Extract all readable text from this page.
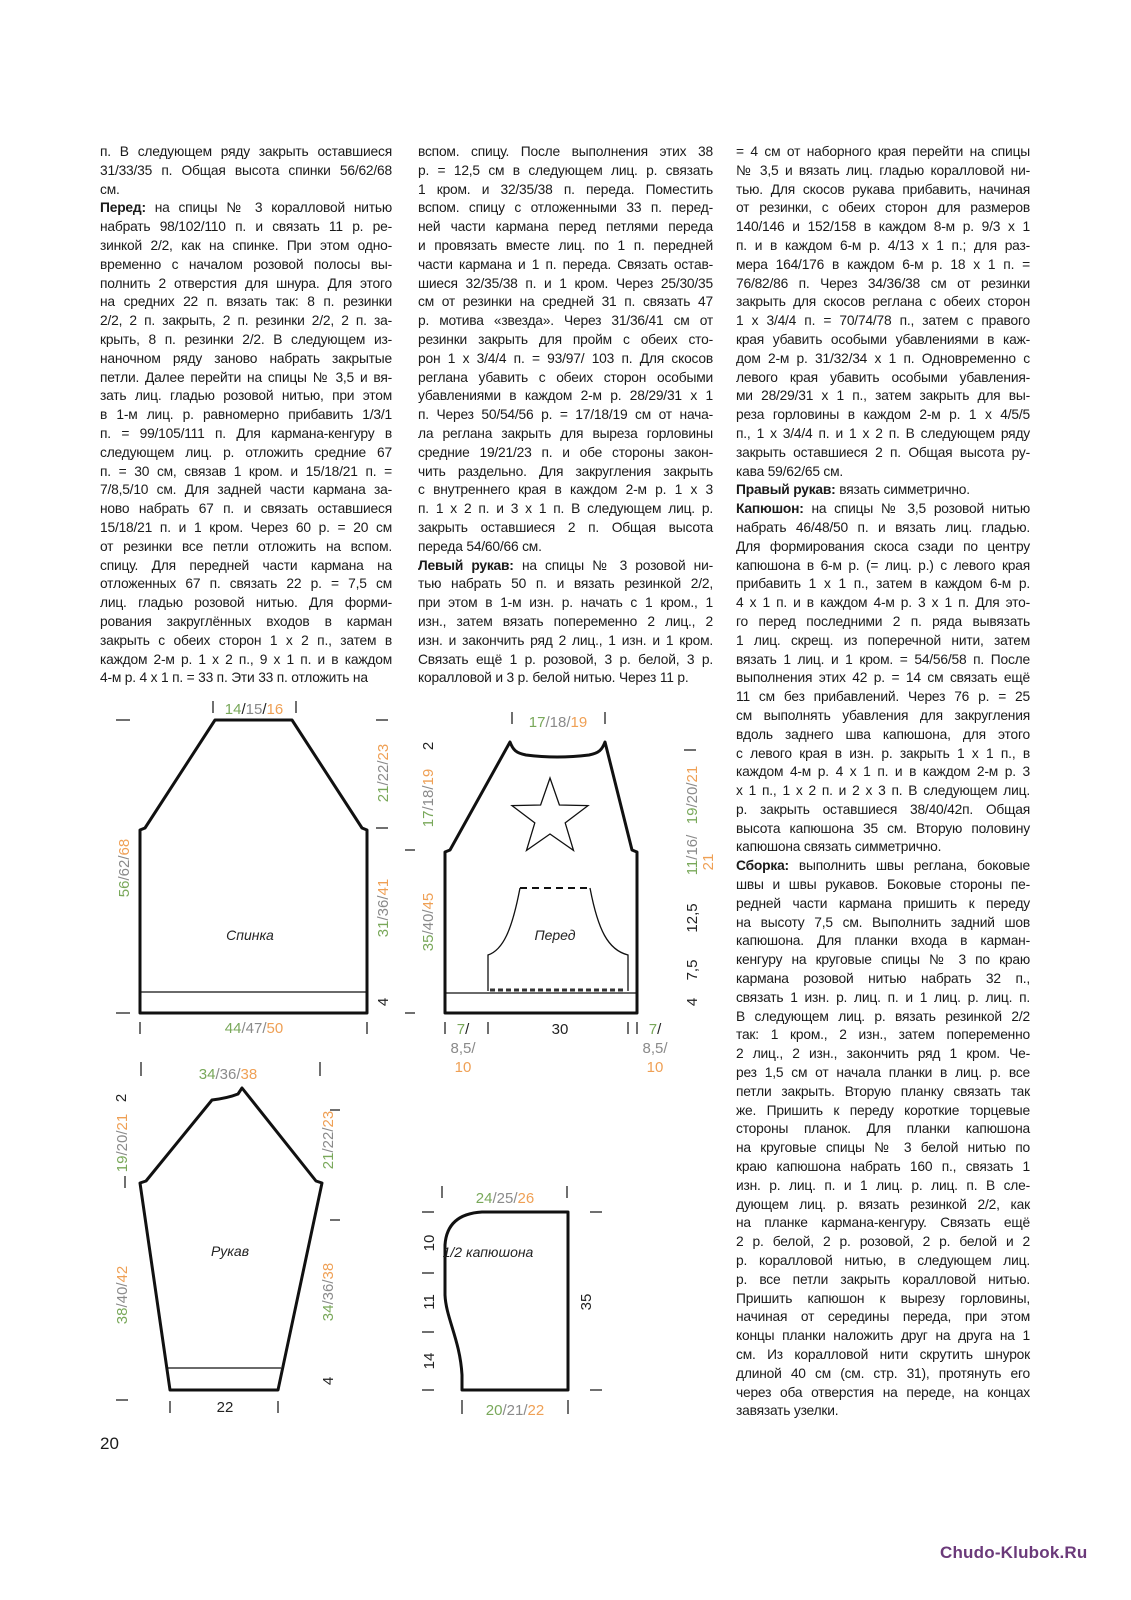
п. В следующем ряду закрыть оставшиеся
31/33/35 п. Общая высота спинки 56/62/68
см.
Перед: на спицы № 3 коралловой нитью
набрать 98/102/110 п. и связать 11 р. ре-
зинкой 2/2, как на спинке. При этом одно-
временно с началом розовой полосы вы-
полнить 2 отверстия для шнура. Для этого
на средних 22 п. вязать так: 8 п. резинки
2/2, 2 п. закрыть, 2 п. резинки 2/2, 2 п. за-
крыть, 8 п. резинки 2/2. В следующем из-
наночном ряду заново набрать закрытые
петли. Далее перейти на спицы № 3,5 и вя-
зать лиц. гладью розовой нитью, при этом
в 1-м лиц. р. равномерно прибавить 1/3/1
п. = 99/105/111 п. Для кармана-кенгуру в
следующем лиц. р. отложить средние 67
п. = 30 см, связав 1 кром. и 15/18/21 п. =
7/8,5/10 см. Для задней части кармана за-
ново набрать 67 п. и связать оставшиеся
15/18/21 п. и 1 кром. Через 60 р. = 20 см
от резинки все петли отложить на вспом.
спицу. Для передней части кармана на
отложенных 67 п. связать 22 р. = 7,5 см
лиц. гладью розовой нитью. Для форми-
рования закруглённых входов в карман
закрыть с обеих сторон 1 х 2 п., затем в
каждом 2-м р. 1 х 2 п., 9 х 1 п. и в каждом
4-м р. 4 х 1 п. = 33 п. Эти 33 п. отложить на
вспом. спицу. После выполнения этих 38
р. = 12,5 см в следующем лиц. р. связать
1 кром. и 32/35/38 п. переда. Поместить
вспом. спицу с отложенными 33 п. перед-
ней части кармана перед петлями переда
и провязать вместе лиц. по 1 п. передней
части кармана и 1 п. переда. Связать остав-
шиеся 32/35/38 п. и 1 кром. Через 25/30/35
см от резинки на средней 31 п. связать 47
р. мотива «звезда». Через 31/36/41 см от
резинки закрыть для пройм с обеих сто-
рон 1 х 3/4/4 п. = 93/97/ 103 п. Для скосов
реглана убавить с обеих сторон особыми
убавлениями в каждом 2-м р. 28/29/31 х 1
п. Через 50/54/56 р. = 17/18/19 см от нача-
ла реглана закрыть для выреза горловины
средние 19/21/23 п. и обе стороны закон-
чить раздельно. Для закругления закрыть
с внутреннего края в каждом 2-м р. 1 х 3
п. 1 х 2 п. и 3 х 1 п. В следующем лиц. р.
закрыть оставшиеся 2 п. Общая высота
переда 54/60/66 см.
Левый рукав: на спицы № 3 розовой ни-
тью набрать 50 п. и вязать резинкой 2/2,
при этом в 1-м изн. р. начать с 1 кром., 1
изн., затем вязать попеременно 2 лиц., 2
изн. и закончить ряд 2 лиц., 1 изн. и 1 кром.
Связать ещё 1 р. розовой, 3 р. белой, 3 р.
коралловой и 3 р. белой нитью. Через 11 р.
= 4 см от наборного края перейти на спицы
№ 3,5 и вязать лиц. гладью коралловой ни-
тью. Для скосов рукава прибавить, начиная
от резинки, с обеих сторон для размеров
140/146 и 152/158 в каждом 8-м р. 9/3 х 1
п. и в каждом 6-м р. 4/13 х 1 п.; для раз-
мера 164/176 в каждом 6-м р. 18 х 1 п. =
76/82/86 п. Через 34/36/38 см от резинки
закрыть для скосов реглана с обеих сторон
1 х 3/4/4 п. = 70/74/78 п., затем с правого
края убавить особыми убавлениями в каж-
дом 2-м р. 31/32/34 х 1 п. Одновременно с
левого края убавить особыми убавления-
ми 28/29/31 х 1 п., затем закрыть для вы-
реза горловины в каждом 2-м р. 1 х 4/5/5
п., 1 х 3/4/4 п. и 1 х 2 п. В следующем ряду
закрыть оставшиеся 2 п. Общая высота ру-
кава 59/62/65 см.
Правый рукав: вязать симметрично.
Капюшон: на спицы № 3,5 розовой нитью
набрать 46/48/50 п. и вязать лиц. гладью.
Для формирования скоса сзади по центру
капюшона в 6-м р. (= лиц. р.) с левого края
прибавить 1 х 1 п., затем в каждом 6-м р.
4 х 1 п. и в каждом 4-м р. 3 х 1 п. Для это-
го перед последними 2 п. ряда вывязать
1 лиц. скрещ. из поперечной нити, затем
вязать 1 лиц. и 1 кром. = 54/56/58 п. После
выполнения этих 42 р. = 14 см связать ещё
11 см без прибавлений. Через 76 р. = 25
см выполнять убавления для закругления
вдоль заднего шва капюшона, для этого
с левого края в изн. р. закрыть 1 х 1 п., в
каждом 4-м р. 4 х 1 п. и в каждом 2-м р. 3
х 1 п., 1 х 2 п. и 2 х 3 п. В следующем лиц.
р. закрыть оставшиеся 38/40/42п. Общая
высота капюшона 35 см. Вторую половину
капюшона связать симметрично.
Сборка: выполнить швы реглана, боковые
швы и швы рукавов. Боковые стороны пе-
редней части кармана пришить к переду
на высоту 7,5 см. Выполнить задний шов
капюшона. Для планки входа в карман-
кенгуру на круговые спицы № 3 по краю
кармана розовой нитью набрать 32 п.,
связать 1 изн. р. лиц. п. и 1 лиц. р. лиц. п.
В следующем лиц. р. вязать резинкой 2/2
так: 1 кром., 2 изн., затем попеременно
2 лиц., 2 изн., закончить ряд 1 кром. Че-
рез 1,5 см от начала планки в лиц. р. все
петли закрыть. Вторую планку связать так
же. Пришить к переду короткие торцевые
стороны планок. Для планки капюшона
на круговые спицы № 3 белой нитью по
краю капюшона набрать 160 п., связать 1
изн. р. лиц. п. и 1 лиц. р. лиц. п. В сле-
дующем лиц. р. вязать резинкой 2/2, как
на планке кармана-кенгуру. Связать ещё
2 р. белой, 2 р. розовой, 2 р. белой и 2
р. коралловой нитью, в следующем лиц.
р. все петли закрыть коралловой нитью.
Пришить капюшон к вырезу горловины,
начиная от середины переда, при этом
концы планки наложить друг на друга на 1
см. Из коралловой нити скрутить шнурок
длиной 40 см (см. стр. 31), протянуть его
через оба отверстия на переде, на концах
завязать узелки.
14/15/16
56/62/68
21/22/23
31/36/41
4
44/47/50
Спинка	Перед
17/18/19
2
17/18/19
35/40/45
19/20/21
11/16/
21
12,5
7,5
4
30
7/
8,5/
10
7/
8,5/
10
34/36/38
2
19/20/21
38/40/42
21/22/23
34/36/38
4
22
Рукав
24/25/26
10
11
14
35
20/21/22
1/2 капюшона
20
Chudo-Klubok.Ru
